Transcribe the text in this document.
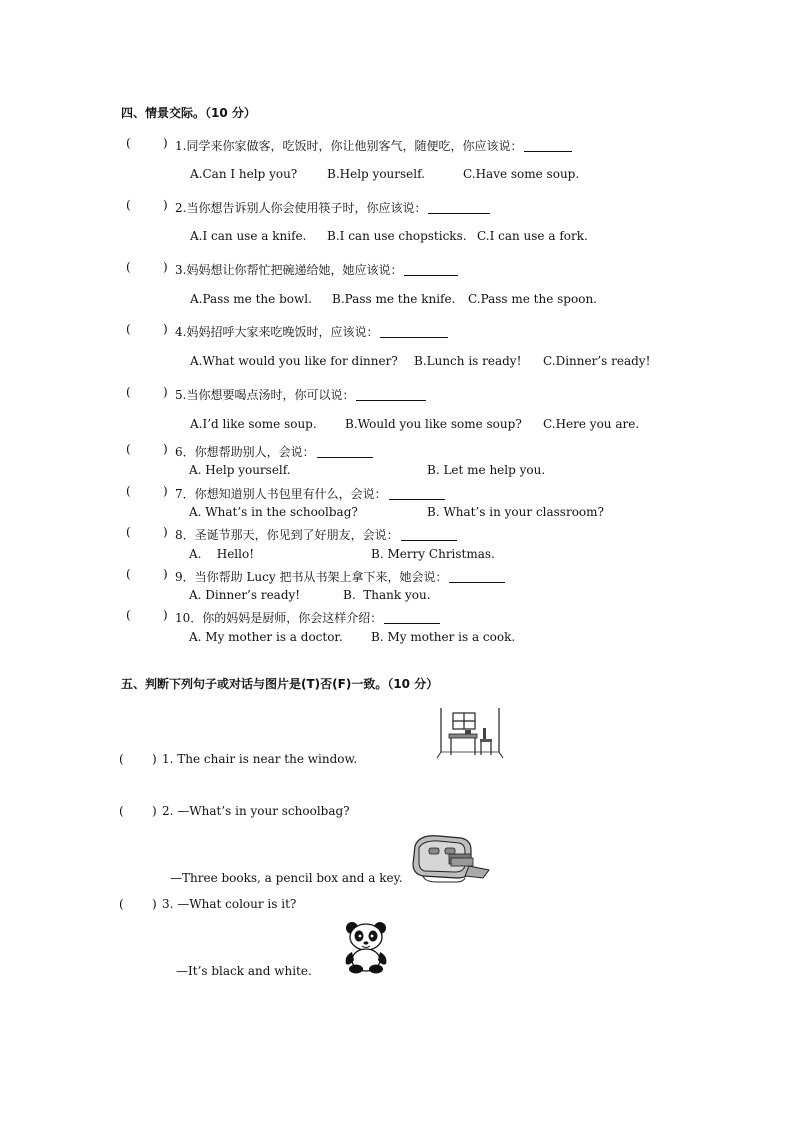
四、情景交际。（10 分）
(	) 1.同学来你家做客，吃饭时，你让他别客气，随便吃，你应该说：
A.Can I help you? B.Help yourself.	C.Have some soup.
(	) 2.当你想告诉别人你会使用筷子时，你应该说：
A.I can use a knife. B.I can use chopsticks. C.I can use a fork.
(	) 3.妈妈想让你帮忙把碗递给她，她应该说：
A.Pass me the bowl. B.Pass me the knife. C.Pass me the spoon.
(	) 4.妈妈招呼大家来吃晚饭时，应该说：
A.What would you like for dinner? B.Lunch is ready! C.Dinner’s ready!
(	) 5.当你想要喝点汤时，你可以说：
A.I’d like some soup. B.Would you like some soup? C.Here you are.
(	) 6．你想帮助别人，会说：
A. Help yourself.	B. Let me help you.
(	) 7．你想知道别人书包里有什么，会说：
A. What’s in the schoolbag?	B. What’s in your classroom?
(	) 8．圣诞节那天，你见到了好朋友，会说：
A.    Hello!	B. Merry Christmas.
(	) 9．当你帮助 Lucy 把书从书架上拿下来，她会说：
A. Dinner’s ready!	B.  Thank you.
(	) 10．你的妈妈是厨师，你会这样介绍：
A. My mother is a doctor. B. My mother is a cook.
五、判断下列句子或对话与图片是(T)否(F)一致。（10 分）
( ) 1. The chair is near the window.
( ) 2. —What’s in your schoolbag?
—Three books, a pencil box and a key.
( ) 3. —What colour is it?
—It’s black and white.
